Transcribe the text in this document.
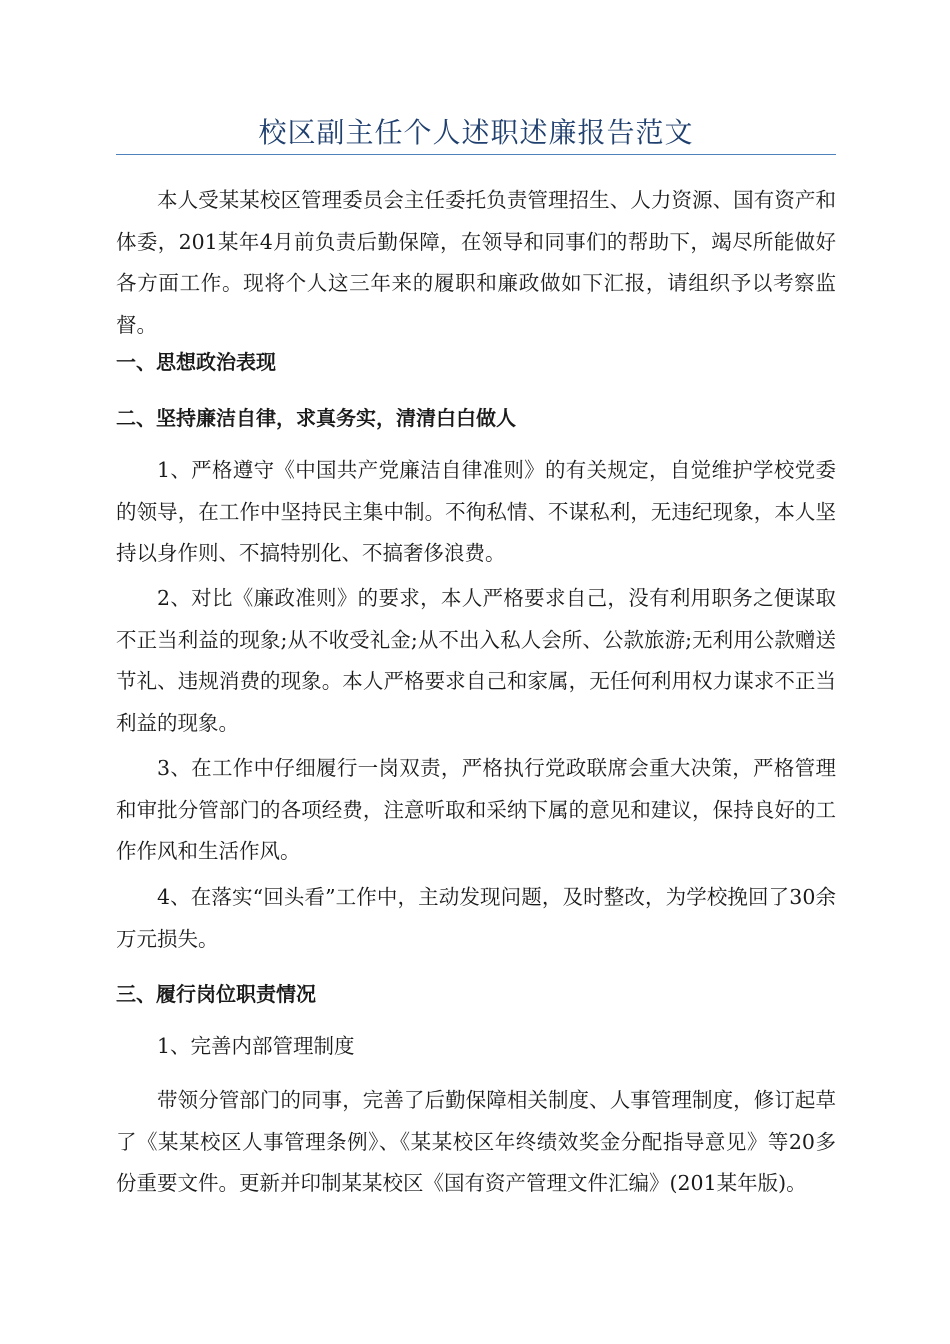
校区副主任个人述职述廉报告范文

本人受某某校区管理委员会主任委托负责管理招生、人力资源、国有资产和体委，201某年4月前负责后勤保障，在领导和同事们的帮助下，竭尽所能做好各方面工作。现将个人这三年来的履职和廉政做如下汇报，请组织予以考察监督。

一、思想政治表现

二、坚持廉洁自律，求真务实，清清白白做人

1、严格遵守《中国共产党廉洁自律准则》的有关规定，自觉维护学校党委的领导，在工作中坚持民主集中制。不徇私情、不谋私利，无违纪现象，本人坚持以身作则、不搞特别化、不搞奢侈浪费。

2、对比《廉政准则》的要求，本人严格要求自己，没有利用职务之便谋取不正当利益的现象;从不收受礼金;从不出入私人会所、公款旅游;无利用公款赠送节礼、违规消费的现象。本人严格要求自己和家属，无任何利用权力谋求不正当利益的现象。

3、在工作中仔细履行一岗双责，严格执行党政联席会重大决策，严格管理和审批分管部门的各项经费，注意听取和采纳下属的意见和建议，保持良好的工作作风和生活作风。

4、在落实“回头看”工作中，主动发现问题，及时整改，为学校挽回了30余万元损失。

三、履行岗位职责情况

1、完善内部管理制度

带领分管部门的同事，完善了后勤保障相关制度、人事管理制度，修订起草了《某某校区人事管理条例》、《某某校区年终绩效奖金分配指导意见》等20多份重要文件。更新并印制某某校区《国有资产管理文件汇编》(201某年版)。
